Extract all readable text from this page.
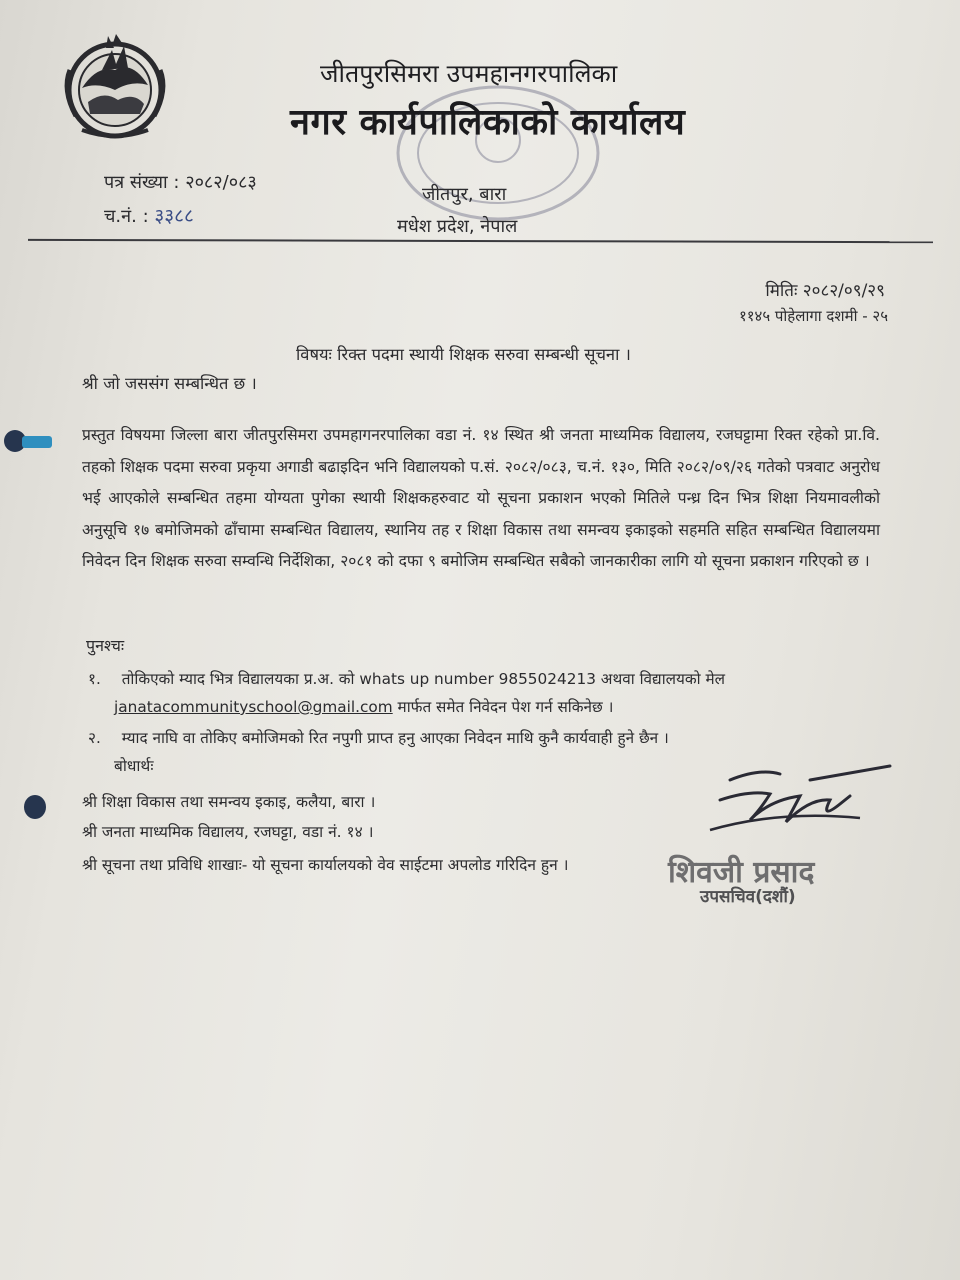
जीतपुरसिमरा उपमहानगरपालिका
नगर कार्यपालिकाको कार्यालय
जीतपुर, बारा
मधेश प्रदेश, नेपाल
पत्र संख्या : २०८२/०८३
च.नं. : ३३८८
मितिः २०८२/०९/२९
११४५ पोहेलागा दशमी - २५
विषयः रिक्त पदमा स्थायी शिक्षक सरुवा सम्बन्धी सूचना ।
श्री जो जससंग सम्बन्धित छ ।
प्रस्तुत विषयमा जिल्ला बारा जीतपुरसिमरा उपमहागनरपालिका वडा नं. १४ स्थित श्री जनता माध्यमिक विद्यालय, रजघट्टामा रिक्त रहेको प्रा.वि. तहको शिक्षक पदमा सरुवा प्रकृया अगाडी बढाइदिन भनि विद्यालयको प.सं. २०८२/०८३, च.नं. १३०, मिति २०८२/०९/२६ गतेको पत्रवाट अनुरोध भई आएकोले सम्बन्धित तहमा योग्यता पुगेका स्थायी शिक्षकहरुवाट यो सूचना प्रकाशन भएको मितिले पन्ध्र दिन भित्र शिक्षा नियमावलीको अनुसूचि १७ बमोजिमको ढाँचामा सम्बन्धित विद्यालय, स्थानिय तह र शिक्षा विकास तथा समन्वय इकाइको सहमति सहित सम्बन्धित विद्यालयमा निवेदन दिन शिक्षक सरुवा सम्वन्धि निर्देशिका, २०८१ को दफा ९ बमोजिम सम्बन्धित सबैको जानकारीका लागि यो सूचना प्रकाशन गरिएको छ ।
पुनश्चः
१. तोकिएको म्याद भित्र विद्यालयका प्र.अ. को whats up number 9855024213 अथवा विद्यालयको मेल
janatacommunityschool@gmail.com मार्फत समेत निवेदन पेश गर्न सकिनेछ ।
२. म्याद नाघि वा तोकिए बमोजिमको रित नपुगी प्राप्त हनु आएका निवेदन माथि कुनै कार्यवाही हुने छैन ।
बोधार्थः
श्री शिक्षा विकास तथा समन्वय इकाइ, कलैया, बारा ।
श्री जनता माध्यमिक विद्यालय, रजघट्टा, वडा नं. १४ ।
श्री सूचना तथा प्रविधि शाखाः- यो सूचना कार्यालयको वेव साईटमा अपलोड गरिदिन हुन ।	शिवजी प्रसाद
उपसचिव(दशौं)
